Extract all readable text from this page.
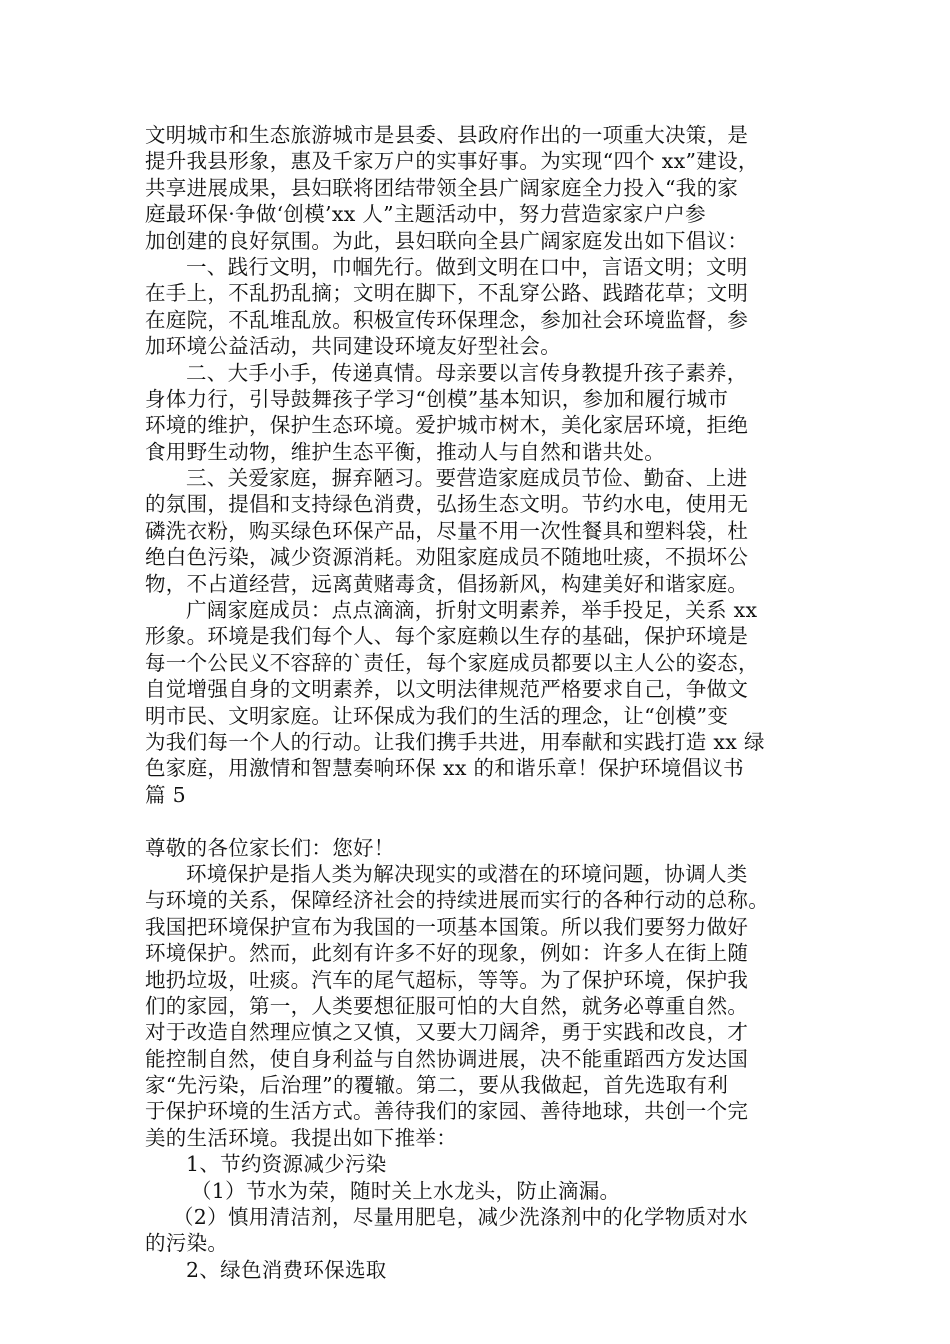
文明城市和生态旅游城市是县委、县政府作出的一项重大决策，是
提升我县形象，惠及千家万户的实事好事。为实现“四个 xx”建设，
共享进展成果，县妇联将团结带领全县广阔家庭全力投入“我的家
庭最环保·争做‘创模’xx 人”主题活动中，努力营造家家户户参
加创建的良好氛围。为此，县妇联向全县广阔家庭发出如下倡议：
一、践行文明，巾帼先行。做到文明在口中，言语文明；文明
在手上，不乱扔乱摘；文明在脚下，不乱穿公路、践踏花草；文明
在庭院，不乱堆乱放。积极宣传环保理念，参加社会环境监督，参
加环境公益活动，共同建设环境友好型社会。
二、大手小手，传递真情。母亲要以言传身教提升孩子素养，
身体力行，引导鼓舞孩子学习“创模”基本知识，参加和履行城市
环境的维护，保护生态环境。爱护城市树木，美化家居环境，拒绝
食用野生动物，维护生态平衡，推动人与自然和谐共处。
三、关爱家庭，摒弃陋习。要营造家庭成员节俭、勤奋、上进
的氛围，提倡和支持绿色消费，弘扬生态文明。节约水电，使用无
磷洗衣粉，购买绿色环保产品，尽量不用一次性餐具和塑料袋，杜
绝白色污染，减少资源消耗。劝阻家庭成员不随地吐痰，不损坏公
物，不占道经营，远离黄赌毒贪，倡扬新风，构建美好和谐家庭。
广阔家庭成员：点点滴滴，折射文明素养，举手投足，关系 xx
形象。环境是我们每个人、每个家庭赖以生存的基础，保护环境是
每一个公民义不容辞的`责任，每个家庭成员都要以主人公的姿态，
自觉增强自身的文明素养，以文明法律规范严格要求自己，争做文
明市民、文明家庭。让环保成为我们的生活的理念，让“创模”变
为我们每一个人的行动。让我们携手共进，用奉献和实践打造 xx 绿
色家庭，用激情和智慧奏响环保 xx 的和谐乐章！保护环境倡议书
篇 5
尊敬的各位家长们：您好！
环境保护是指人类为解决现实的或潜在的环境问题，协调人类
与环境的关系，保障经济社会的持续进展而实行的各种行动的总称。
我国把环境保护宣布为我国的一项基本国策。所以我们要努力做好
环境保护。然而，此刻有许多不好的现象，例如：许多人在街上随
地扔垃圾，吐痰。汽车的尾气超标，等等。为了保护环境，保护我
们的家园，第一，人类要想征服可怕的大自然，就务必尊重自然。
对于改造自然理应慎之又慎，又要大刀阔斧，勇于实践和改良，才
能控制自然，使自身利益与自然协调进展，决不能重蹈西方发达国
家“先污染，后治理”的覆辙。第二，要从我做起，首先选取有利
于保护环境的生活方式。善待我们的家园、善待地球，共创一个完
美的生活环境。我提出如下推举：
1、节约资源减少污染
（1）节水为荣，随时关上水龙头，防止滴漏。
（2）慎用清洁剂，尽量用肥皂，减少洗涤剂中的化学物质对水
的污染。
2、绿色消费环保选取
